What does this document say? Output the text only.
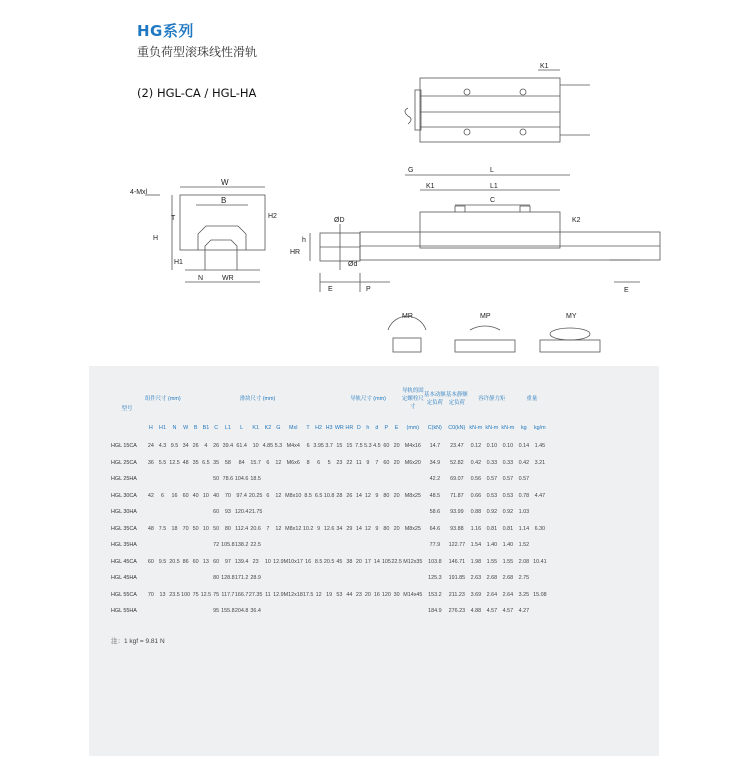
HG系列
重负荷型滚珠线性滑轨
(2) HGL-CA / HGL-HA
K1
W
B
4-Mxl
T
H
H1
H2
N	WR
HR
ØD
h
Ød
E	P
G	L
L1
K1
C
K2
E
MR	MP	MY
型号	组件尺寸 (mm)			滑块尺寸 (mm)													导轨尺寸 (mm)							导轨的固定螺栓尺寸	基本动额定负荷	基本静额定负荷	容许静力矩			重量	
	H	H1	N	W	B	B1	C	L1	L	K1	K2	G	Mxl	T	H2	H3	WR	HR	D	h	d	P	E	(mm)	C(kN)	C0(kN)	kN-m	kN-m	kN-m	kg	kg/m
HGL 15CA	24	4.3	9.5	34	26	4	26	39.4	61.4	10	4.85	5.3	M4x4	6	3.95	3.7	15	15	7.5	5.3	4.5	60	20	M4x16	14.7	23.47	0.12	0.10	0.10	0.14	1.45
HGL 25CA	36	5.5	12.5	48	35	6.5	35	58	84	15.7	6	12	M6x6	8	6	5	23	22	11	9	7	60	20	M6x20	34.9	52.82	0.42	0.33	0.33	0.42	3.21
HGL 25HA							50	78.6	104.6	18.5															42.2	69.07	0.56	0.57	0.57	0.57	
HGL 30CA	42	6	16	60	40	10	40	70	97.4	20.25	6	12	M8x10	8.5	6.5	10.8	28	26	14	12	9	80	20	M8x25	48.5	71.87	0.66	0.53	0.53	0.78	4.47
HGL 30HA							60	93	120.4	21.75															58.6	93.99	0.88	0.92	0.92	1.03	
HGL 35CA	48	7.5	18	70	50	10	50	80	112.4	20.6	7	12	M8x12	10.2	9	12.6	34	29	14	12	9	80	20	M8x25	64.6	93.88	1.16	0.81	0.81	1.14	6.30
HGL 35HA							72	105.8	138.2	22.5															77.9	122.77	1.54	1.40	1.40	1.52	
HGL 45CA	60	9.5	20.5	86	60	13	60	97	139.4	23	10	12.9	M10x17	16	8.5	20.5	45	38	20	17	14	105	22.5	M12x35	103.8	146.71	1.98	1.55	1.55	2.08	10.41
HGL 45HA							80	128.8	171.2	28.9															125.3	191.85	2.63	2.68	2.68	2.75	
HGL 55CA	70	13	23.5	100	75	12.5	75	117.7	166.7	27.35	11	12.9	M12x18	17.5	12	19	53	44	23	20	16	120	30	M14x45	153.2	211.23	3.69	2.64	2.64	3.25	15.08
HGL 55HA							95	155.8	204.8	36.4															184.9	276.23	4.88	4.57	4.57	4.27	
注：1 kgf = 9.81 N
